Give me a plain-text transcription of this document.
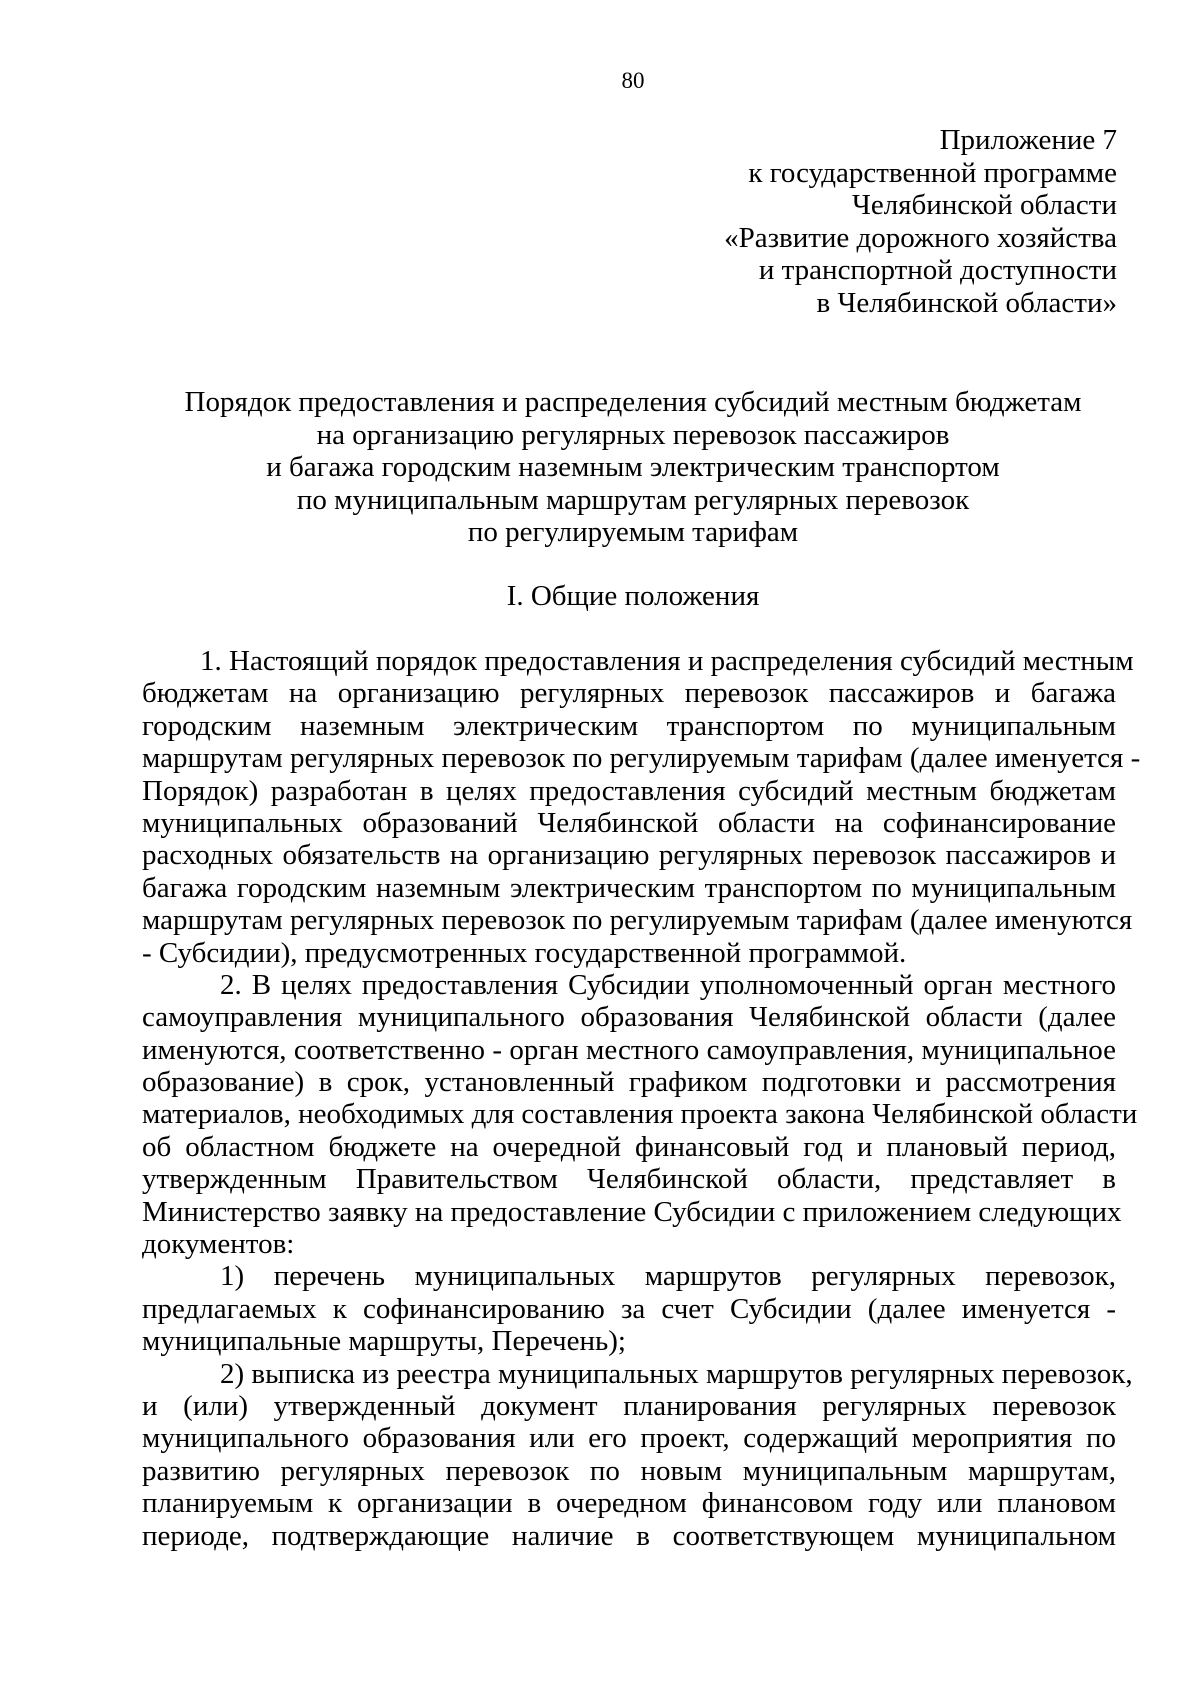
80
Приложение 7
к государственной программе
Челябинской области
«Развитие дорожного хозяйства
и транспортной доступности
в Челябинской области»
Порядок предоставления и распределения субсидий местным бюджетам
на организацию регулярных перевозок пассажиров
и багажа городским наземным электрическим транспортом
по муниципальным маршрутам регулярных перевозок
по регулируемым тарифам
I. Общие положения
1. Настоящий порядок предоставления и распределения субсидий местным
бюджетам на организацию регулярных перевозок пассажиров и багажа
городским наземным электрическим транспортом по муниципальным
маршрутам регулярных перевозок по регулируемым тарифам (далее именуется -
Порядок) разработан в целях предоставления субсидий местным бюджетам
муниципальных образований Челябинской области на софинансирование
расходных обязательств на организацию регулярных перевозок пассажиров и
багажа городским наземным электрическим транспортом по муниципальным
маршрутам регулярных перевозок по регулируемым тарифам (далее именуются
- Субсидии), предусмотренных государственной программой.
2. В целях предоставления Субсидии уполномоченный орган местного
самоуправления муниципального образования Челябинской области (далее
именуются, соответственно - орган местного самоуправления, муниципальное
образование) в срок, установленный графиком подготовки и рассмотрения
материалов, необходимых для составления проекта закона Челябинской области
об областном бюджете на очередной финансовый год и плановый период,
утвержденным Правительством Челябинской области, представляет в
Министерство заявку на предоставление Субсидии с приложением следующих
документов:
1) перечень муниципальных маршрутов регулярных перевозок,
предлагаемых к софинансированию за счет Субсидии (далее именуется -
муниципальные маршруты, Перечень);
2) выписка из реестра муниципальных маршрутов регулярных перевозок,
и (или) утвержденный документ планирования регулярных перевозок
муниципального образования или его проект, содержащий мероприятия по
развитию регулярных перевозок по новым муниципальным маршрутам,
планируемым к организации в очередном финансовом году или плановом
периоде, подтверждающие наличие в соответствующем муниципальном
